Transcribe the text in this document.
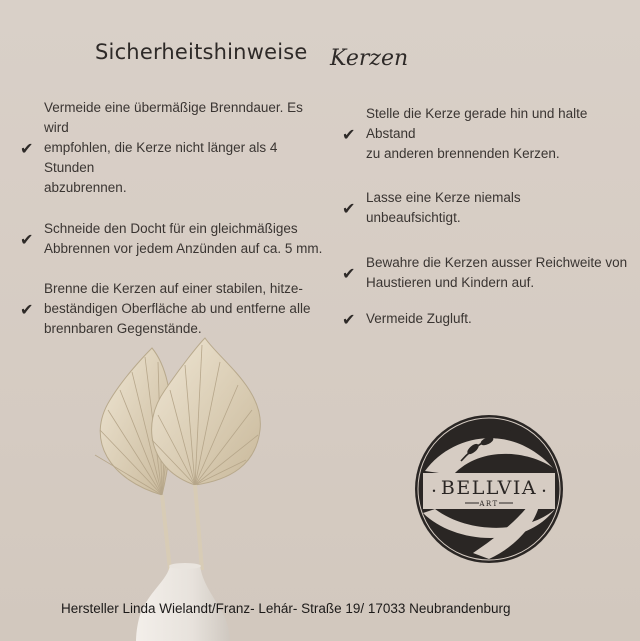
Sicherheitshinweise Kerzen
✔
Vermeide eine übermäßige Brenndauer. Es wird
empfohlen, die Kerze nicht länger als 4 Stunden
abzubrennen.
✔
Schneide den Docht für ein gleichmäßiges
Abbrennen vor jedem Anzünden auf ca. 5 mm.
✔
Brenne die Kerzen auf einer stabilen, hitze-
beständigen Oberfläche ab und entferne alle
brennbaren Gegenstände.
✔
Stelle die Kerze gerade hin und halte Abstand
zu anderen brennenden Kerzen.
✔
Lasse eine Kerze niemals
unbeaufsichtigt.
✔
Bewahre die Kerzen ausser Reichweite von
Haustieren und Kindern auf.
✔ Vermeide Zugluft.
BELLVIA
•	•
ART
Hersteller Linda Wielandt/Franz- Lehár- Straße 19/ 17033 Neubrandenburg
